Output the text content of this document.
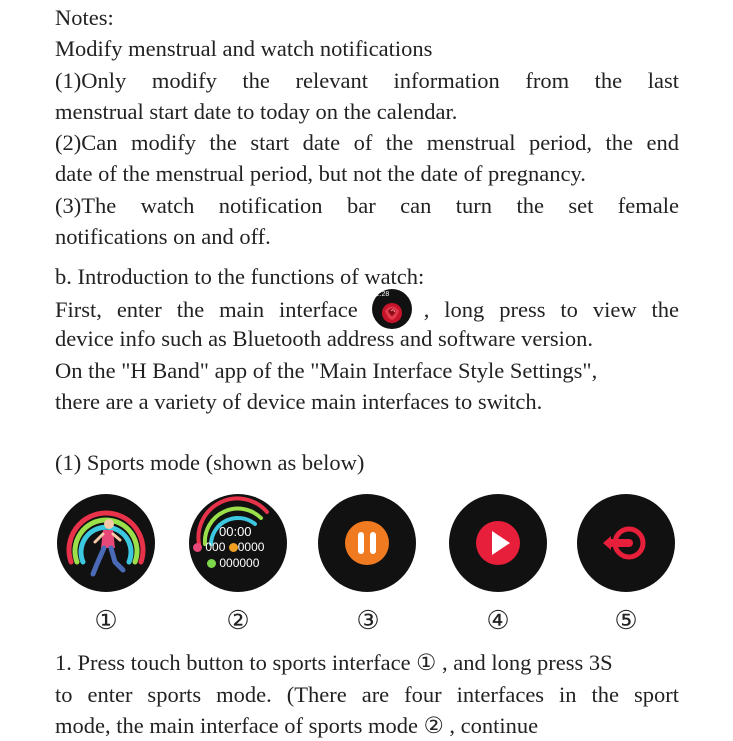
Notes:
Modify menstrual and watch notifications
(1)Only modify the relevant information from the last
menstrual start date to today on the calendar.
(2)Can modify the start date of the menstrual period, the end
date of the menstrual period, but not the date of pregnancy.
(3)The watch notification bar can turn the set female
notifications on and off.
b. Introduction to the functions of watch:
First, enter the main interface
12:28
, long press to view the
device info such as Bluetooth address and software version.
On the "H Band" app of the "Main Interface Style Settings",
there are a variety of device main interfaces to switch.
(1) Sports mode (shown as below)
00:00
000 0000
000000
①	②	③	④	⑤
1. Press touch button to sports interface ① , and long press 3S
to enter sports mode. (There are four interfaces in the sport
mode, the main interface of sports mode ② , continue
